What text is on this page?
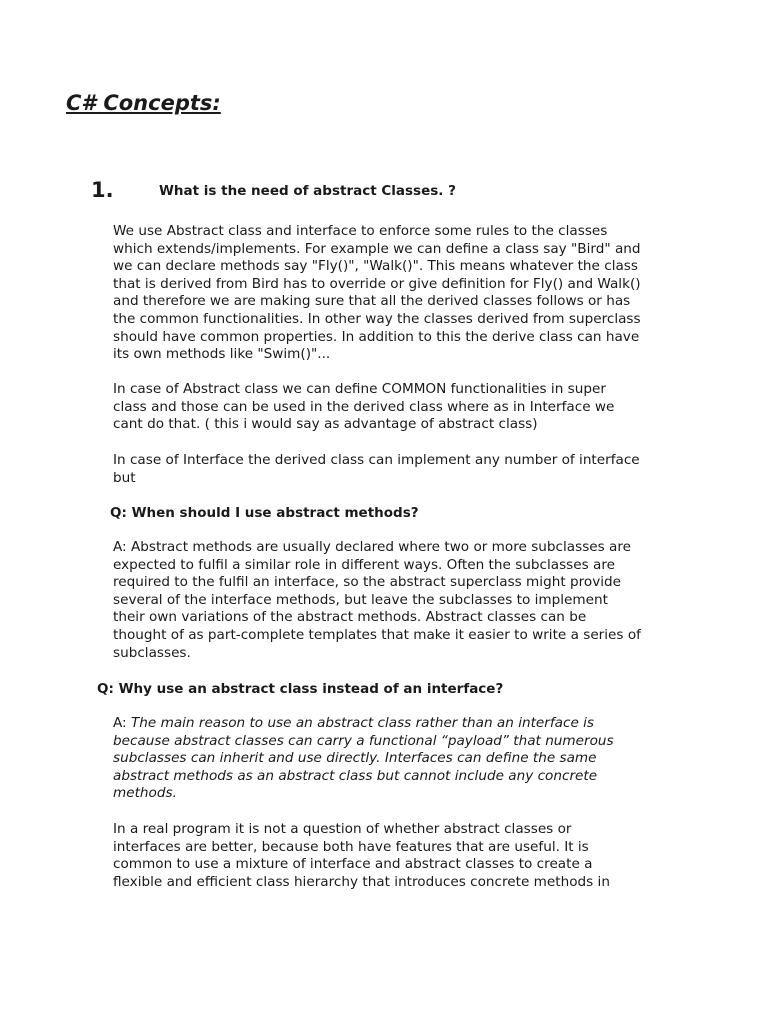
C# Concepts:
1.	What is the need of abstract Classes. ?

We use Abstract class and interface to enforce some rules to the classes
which extends/implements. For example we can define a class say "Bird" and
we can declare methods say "Fly()", "Walk()". This means whatever the class
that is derived from Bird has to override or give definition for Fly() and Walk()
and therefore we are making sure that all the derived classes follows or has
the common functionalities. In other way the classes derived from superclass
should have common properties. In addition to this the derive class can have
its own methods like "Swim()"...

In case of Abstract class we can define COMMON functionalities in super
class and those can be used in the derived class where as in Interface we
cant do that. ( this i would say as advantage of abstract class)

In case of Interface the derived class can implement any number of interface
but

Q: When should I use abstract methods?

A: Abstract methods are usually declared where two or more subclasses are
expected to fulfil a similar role in different ways. Often the subclasses are
required to the fulfil an interface, so the abstract superclass might provide
several of the interface methods, but leave the subclasses to implement
their own variations of the abstract methods. Abstract classes can be
thought of as part-complete templates that make it easier to write a series of
subclasses.

Q: Why use an abstract class instead of an interface?

A: The main reason to use an abstract class rather than an interface is
because abstract classes can carry a functional “payload” that numerous
subclasses can inherit and use directly. Interfaces can define the same
abstract methods as an abstract class but cannot include any concrete
methods.

In a real program it is not a question of whether abstract classes or
interfaces are better, because both have features that are useful. It is
common to use a mixture of interface and abstract classes to create a
flexible and efficient class hierarchy that introduces concrete methods in
